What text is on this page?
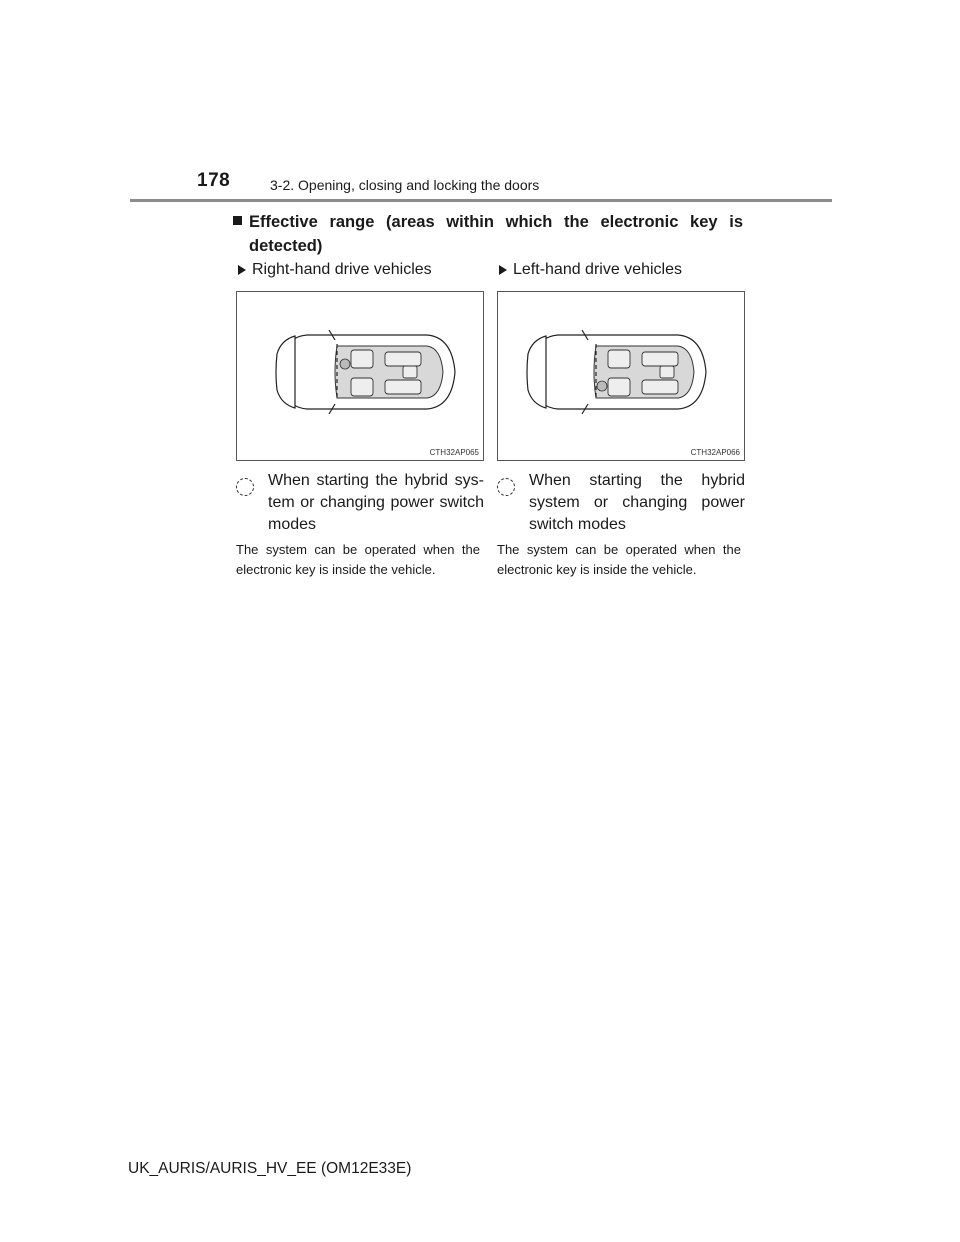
178	3-2. Opening, closing and locking the doors
Effective range (areas within which the electronic key is
detected)
Right-hand drive vehicles
CTH32AP065
When starting the hybrid sys-tem or changing power switch modes
The system can be operated when the electronic key is inside the vehicle.
Left-hand drive vehicles
CTH32AP066
When starting the hybrid system or changing power switch modes
The system can be operated when the electronic key is inside the vehicle.
UK_AURIS/AURIS_HV_EE (OM12E33E)
